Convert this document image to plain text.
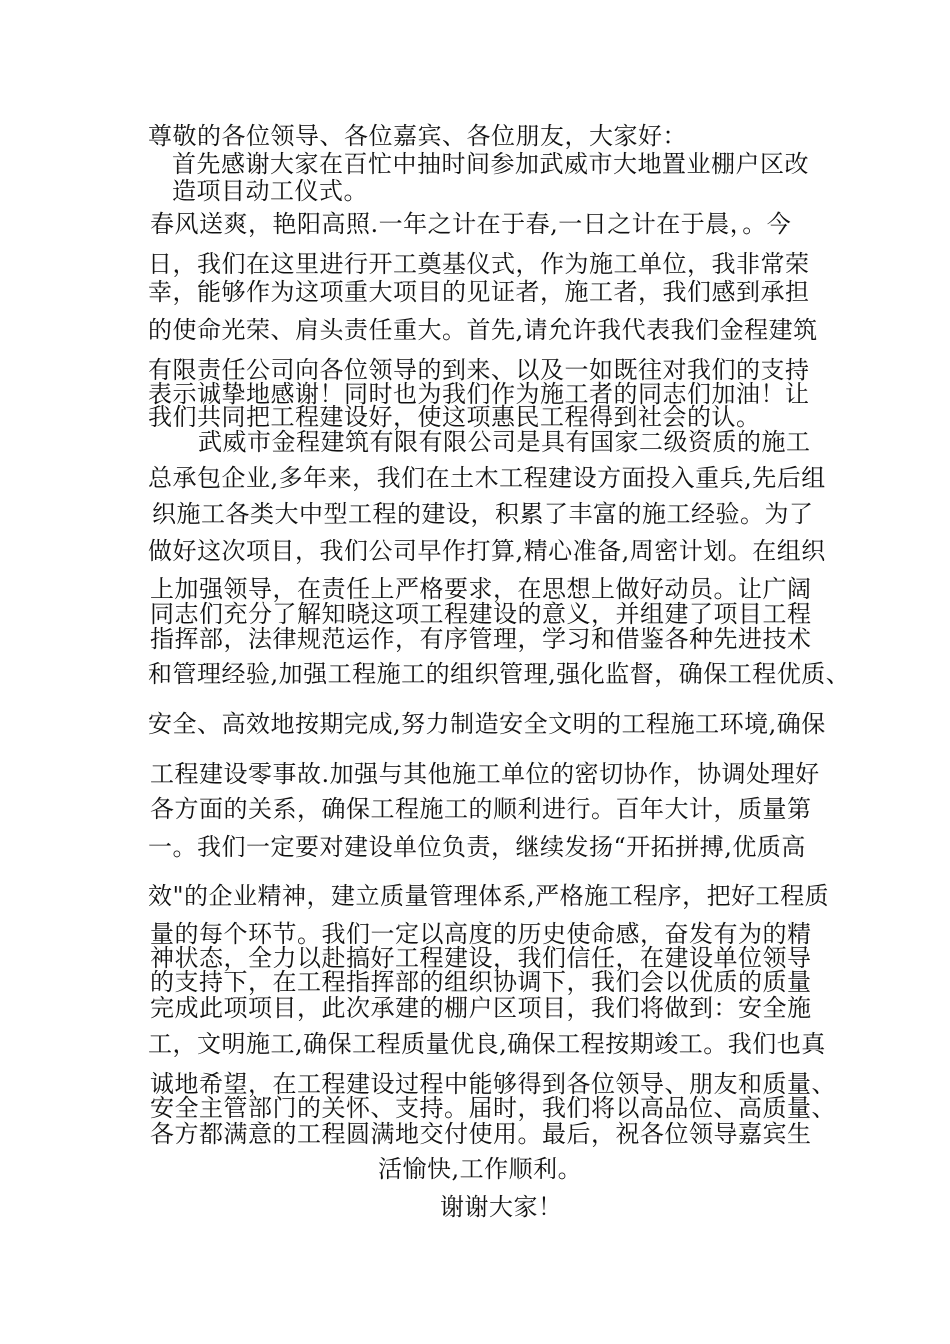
尊敬的各位领导、各位嘉宾、各位朋友，大家好：
首先感谢大家在百忙中抽时间参加武威市大地置业棚户区改
造项目动工仪式。
春风送爽，艳阳高照.一年之计在于春,一日之计在于晨，。今
日，我们在这里进行开工奠基仪式，作为施工单位，我非常荣
幸，能够作为这项重大项目的见证者，施工者，我们感到承担
的使命光荣、肩头责任重大。首先,请允许我代表我们金程建筑
有限责任公司向各位领导的到来、以及一如既往对我们的支持
表示诚挚地感谢！同时也为我们作为施工者的同志们加油！让
我们共同把工程建设好，使这项惠民工程得到社会的认。
武威市金程建筑有限有限公司是具有国家二级资质的施工
总承包企业,多年来，我们在土木工程建设方面投入重兵,先后组
织施工各类大中型工程的建设，积累了丰富的施工经验。为了
做好这次项目，我们公司早作打算,精心准备,周密计划。在组织
上加强领导，在责任上严格要求，在思想上做好动员。让广阔
同志们充分了解知晓这项工程建设的意义，并组建了项目工程
指挥部，法律规范运作，有序管理，学习和借鉴各种先进技术
和管理经验,加强工程施工的组织管理,强化监督，确保工程优质、
安全、高效地按期完成,努力制造安全文明的工程施工环境,确保
工程建设零事故.加强与其他施工单位的密切协作，协调处理好
各方面的关系，确保工程施工的顺利进行。百年大计，质量第
一。我们一定要对建设单位负责，继续发扬“开拓拼搏,优质高
效"的企业精神，建立质量管理体系,严格施工程序，把好工程质
量的每个环节。我们一定以高度的历史使命感，奋发有为的精
神状态，全力以赴搞好工程建设，我们信任，在建设单位领导
的支持下，在工程指挥部的组织协调下，我们会以优质的质量
完成此项项目，此次承建的棚户区项目，我们将做到：安全施
工，文明施工,确保工程质量优良,确保工程按期竣工。我们也真
诚地希望，在工程建设过程中能够得到各位领导、朋友和质量、
安全主管部门的关怀、支持。届时，我们将以高品位、高质量、
各方都满意的工程圆满地交付使用。最后，祝各位领导嘉宾生
活愉快,工作顺利。
谢谢大家！
